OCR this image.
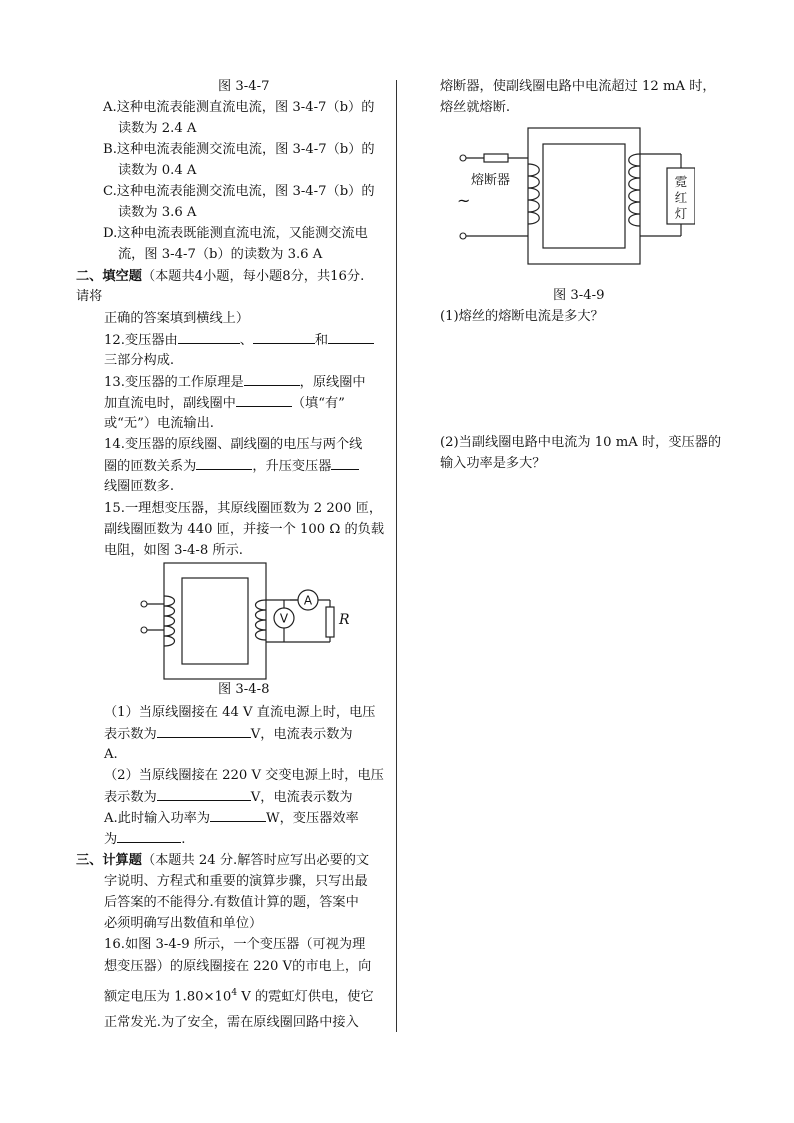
图 3-4-7
A.这种电流表能测直流电流，图 3-4-7（b）的
读数为 2.4 A
B.这种电流表能测交流电流，图 3-4-7（b）的
读数为 0.4 A
C.这种电流表能测交流电流，图 3-4-7（b）的
读数为 3.6 A
D.这种电流表既能测直流电流，又能测交流电
流，图 3-4-7（b）的读数为 3.6 A
二、填空题（本题共4小题，每小题8分，共16分.
请将
正确的答案填到横线上）
12.变压器由	、	和
三部分构成.
13.变压器的工作原理是	，原线圈中
加直流电时，副线圈中	（填“有”
或“无”）电流输出.
14.变压器的原线圈、副线圈的电压与两个线
圈的匝数关系为	，升压变压器
线圈匝数多.
15.一理想变压器，其原线圈匝数为 2 200 匝，
副线圈匝数为 440 匝，并接一个 100 Ω 的负载
电阻，如图 3-4-8 所示.
A
V	R
图 3-4-8
（1）当原线圈接在 44 V 直流电源上时，电压
表示数为	V，电流表示数为
A.
（2）当原线圈接在 220 V 交变电源上时，电压
表示数为	V，电流表示数为
A.此时输入功率为	W，变压器效率
为	.
三、计算题（本题共 24 分.解答时应写出必要的文
字说明、方程式和重要的演算步骤，只写出最
后答案的不能得分.有数值计算的题，答案中
必须明确写出数值和单位）
16.如图 3-4-9 所示，一个变压器（可视为理
想变压器）的原线圈接在 220 V的市电上，向
额定电压为 $1.80\times 10^4$ V 的霓虹灯供电，使它
正常发光.为了安全，需在原线圈回路中接入
熔断器，使副线圈电路中电流超过 12 mA 时，
熔丝就熔断.
熔断器
~
霓
红
灯
图 3-4-9
(1)熔丝的熔断电流是多大？
(2)当副线圈电路中电流为 10 mA 时，变压器的
输入功率是多大？
